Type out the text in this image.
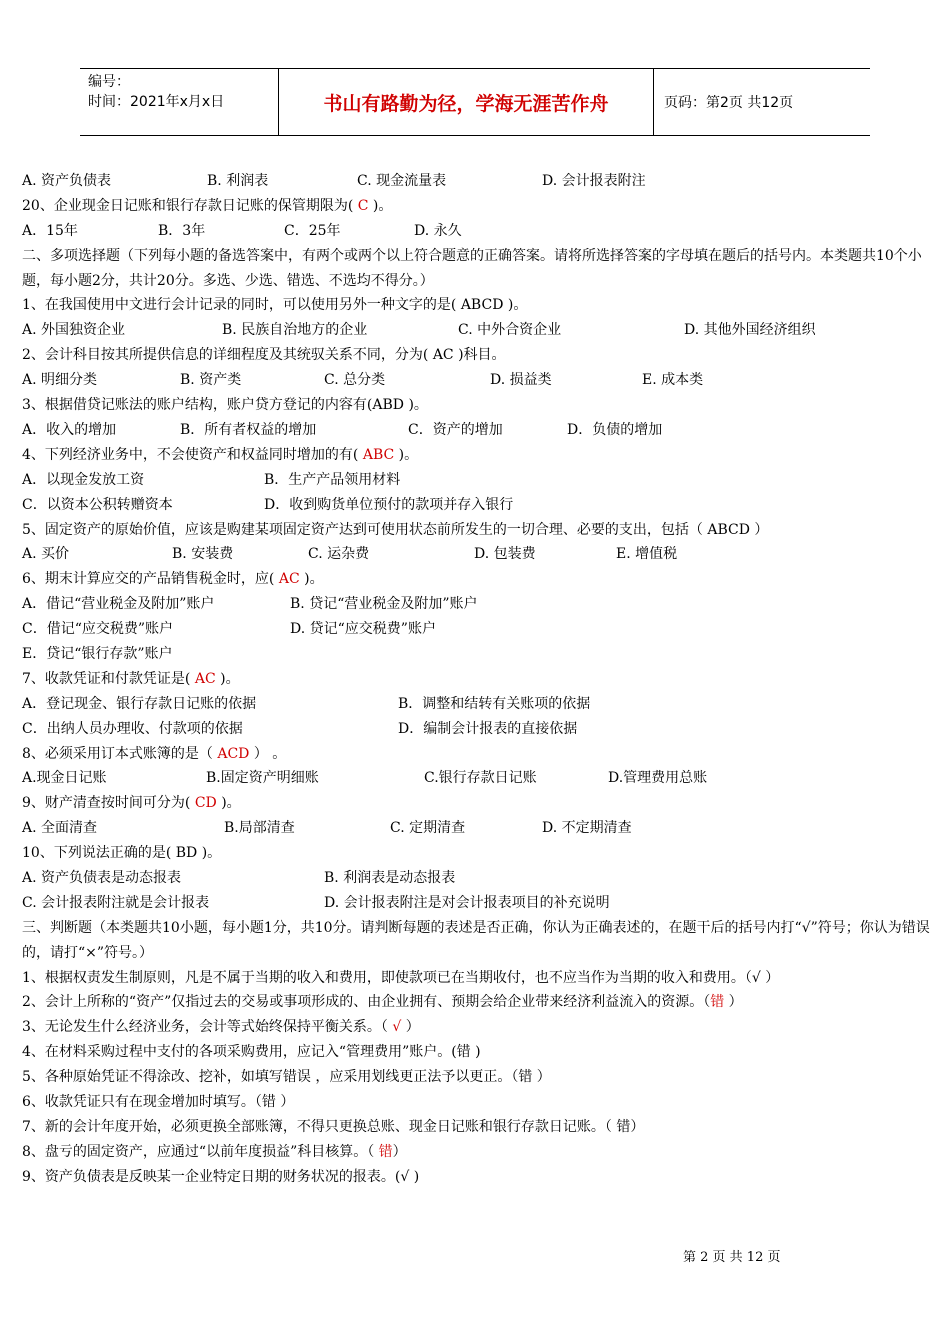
编号：
时间：2021年x月x日	书山有路勤为径，学海无涯苦作舟	页码：第2页 共12页
A. 资产负债表	B. 利润表	C. 现金流量表	D. 会计报表附注
20、企业现金日记账和银行存款日记账的保管期限为( C )。
A．15年	B．3年	C．25年	D. 永久
二、多项选择题（下列每小题的备选答案中，有两个或两个以上符合题意的正确答案。请将所选择答案的字母填在题后的括号内。本类题共10个小题，每小题2分，共计20分。多选、少选、错选、不选均不得分。）
1、在我国使用中文进行会计记录的同时，可以使用另外一种文字的是( ABCD )。
A. 外国独资企业	B. 民族自治地方的企业	C. 中外合资企业	D. 其他外国经济组织
2、会计科目按其所提供信息的详细程度及其统驭关系不同，分为( AC )科目。
A. 明细分类	B. 资产类	C. 总分类	D. 损益类	E. 成本类
3、根据借贷记账法的账户结构，账户贷方登记的内容有(ABD )。
A．收入的增加	B．所有者权益的增加	C．资产的增加	D．负债的增加
4、下列经济业务中，不会使资产和权益同时增加的有( ABC )。
A．以现金发放工资	B．生产产品领用材料
C．以资本公积转赠资本	D．收到购货单位预付的款项并存入银行
5、固定资产的原始价值，应该是购建某项固定资产达到可使用状态前所发生的一切合理、必要的支出，包括（ ABCD ）
A. 买价	B. 安装费	C. 运杂费	D. 包装费	E. 增值税
6、期末计算应交的产品销售税金时，应( AC )。
A．借记“营业税金及附加”账户	B. 贷记“营业税金及附加”账户
C．借记“应交税费”账户	D. 贷记“应交税费”账户
E．贷记“银行存款”账户
7、收款凭证和付款凭证是( AC )。
A．登记现金、银行存款日记账的依据	B．调整和结转有关账项的依据
C．出纳人员办理收、付款项的依据	D．编制会计报表的直接依据
8、必须采用订本式账簿的是（ ACD ） 。
A.现金日记账	B.固定资产明细账	C.银行存款日记账	D.管理费用总账
9、财产清查按时间可分为( CD )。
A. 全面清查	B.局部清查	C. 定期清查	D. 不定期清查
10、下列说法正确的是( BD )。
A. 资产负债表是动态报表	B. 利润表是动态报表
C. 会计报表附注就是会计报表	D. 会计报表附注是对会计报表项目的补充说明
三、判断题（本类题共10小题，每小题1分，共10分。请判断每题的表述是否正确，你认为正确表述的，在题干后的括号内打“√”符号；你认为错误的，请打“×”符号。）
1、根据权责发生制原则，凡是不属于当期的收入和费用，即使款项已在当期收付，也不应当作为当期的收入和费用。（√ ）
2、会计上所称的“资产”仅指过去的交易或事项形成的、由企业拥有、预期会给企业带来经济利益流入的资源。（错 ）
3、无论发生什么经济业务，会计等式始终保持平衡关系。（ √ ）
4、在材料采购过程中支付的各项采购费用，应记入“管理费用”账户。(错 )
5、各种原始凭证不得涂改、挖补，如填写错误 ，应采用划线更正法予以更正。（错 ）
6、收款凭证只有在现金增加时填写。（错 ）
7、新的会计年度开始，必须更换全部账簿，不得只更换总账、现金日记账和银行存款日记账。（ 错）
8、盘亏的固定资产，应通过“以前年度损益”科目核算。（ 错）
9、资产负债表是反映某一企业特定日期的财务状况的报表。(√ )
第 2 页 共 12 页
